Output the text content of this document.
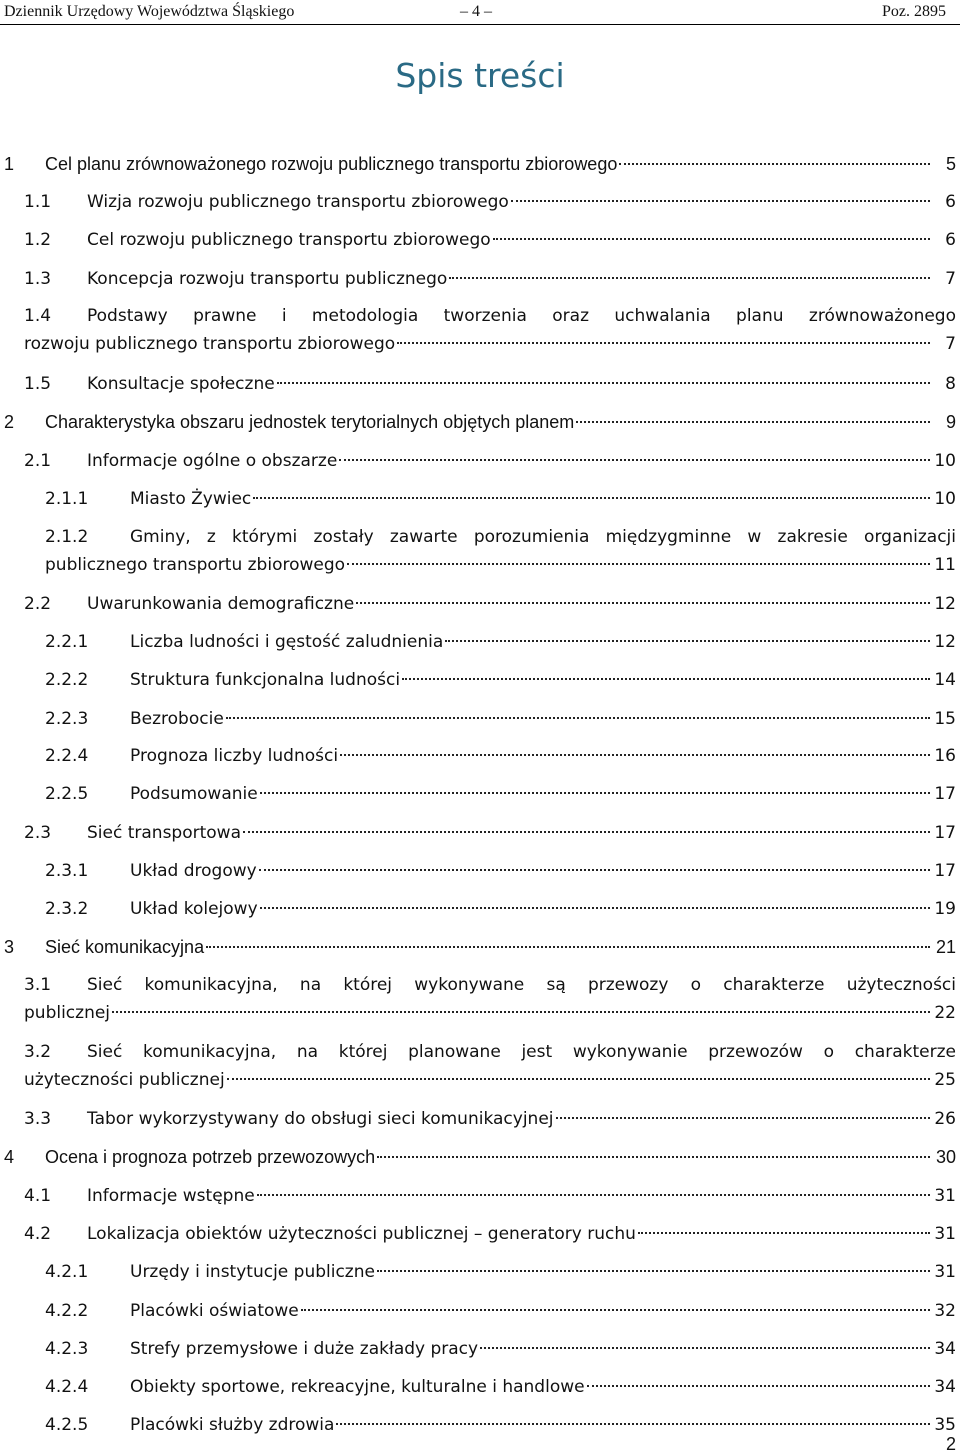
Dziennik Urzędowy Województwa Śląskiego	– 4 –	Poz. 2895
Spis treści
1 Cel planu zrównoważonego rozwoju publicznego transportu zbiorowego	5
1.1 Wizja rozwoju publicznego transportu zbiorowego	6
1.2 Cel rozwoju publicznego transportu zbiorowego	6
1.3 Koncepcja rozwoju transportu publicznego	7
1.4 Podstawy prawne i metodologia tworzenia oraz uchwalania planu zrównoważonego
rozwoju publicznego transportu zbiorowego	7
1.5 Konsultacje społeczne	8
2 Charakterystyka obszaru jednostek terytorialnych objętych planem	9
2.1 Informacje ogólne o obszarze	10
2.1.1 Miasto Żywiec	10
2.1.2 Gminy, z którymi zostały zawarte porozumienia międzygminne w zakresie organizacji
publicznego transportu zbiorowego	11
2.2 Uwarunkowania demograficzne	12
2.2.1 Liczba ludności i gęstość zaludnienia	12
2.2.2 Struktura funkcjonalna ludności	14
2.2.3 Bezrobocie	15
2.2.4 Prognoza liczby ludności	16
2.2.5 Podsumowanie	17
2.3 Sieć transportowa	17
2.3.1 Układ drogowy	17
2.3.2 Układ kolejowy	19
3 Sieć komunikacyjna	21
3.1 Sieć komunikacyjna, na której wykonywane są przewozy o charakterze użyteczności
publicznej	22
3.2 Sieć komunikacyjna, na której planowane jest wykonywanie przewozów o charakterze
użyteczności publicznej	25
3.3 Tabor wykorzystywany do obsługi sieci komunikacyjnej	26
4 Ocena i prognoza potrzeb przewozowych	30
4.1 Informacje wstępne	31
4.2 Lokalizacja obiektów użyteczności publicznej – generatory ruchu	31
4.2.1 Urzędy i instytucje publiczne	31
4.2.2 Placówki oświatowe	32
4.2.3 Strefy przemysłowe i duże zakłady pracy	34
4.2.4 Obiekty sportowe, rekreacyjne, kulturalne i handlowe	34
4.2.5 Placówki służby zdrowia	35
2
